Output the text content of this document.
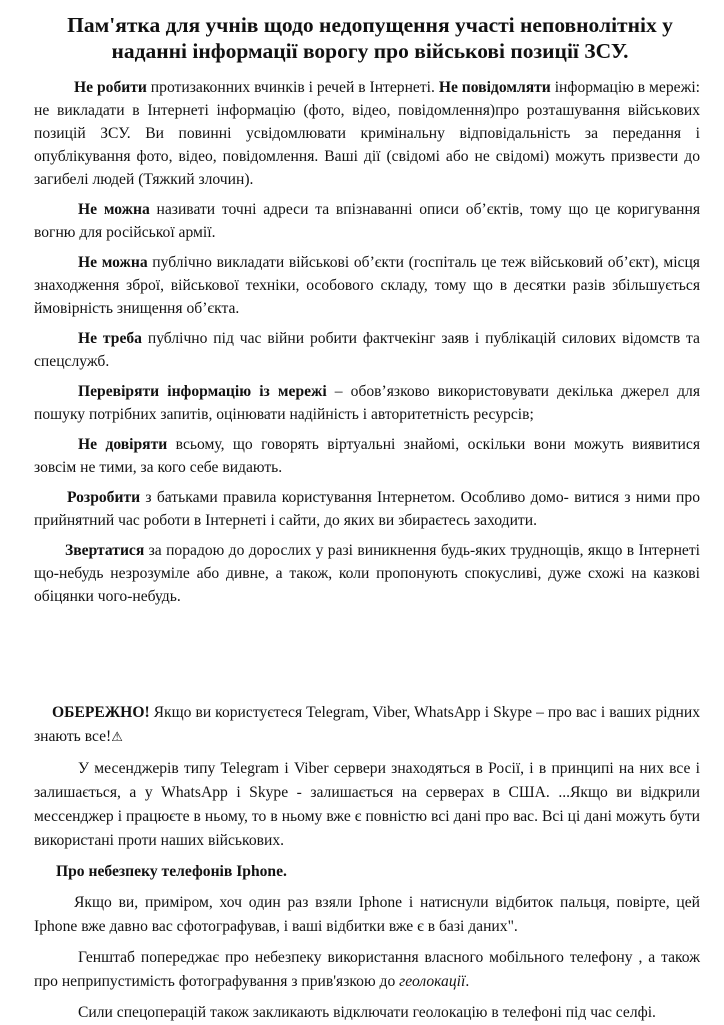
Пам'ятка для учнів щодо недопущення участі неповнолітніх у наданні інформації ворогу про військові позиції ЗСУ.

Не робити протизаконних вчинків і речей в Інтернеті. Не повідомляти інформацію в мережі: не викладати в Інтернеті інформацію (фото, відео, повідомлення)про розташування військових позицій ЗСУ. Ви повинні усвідомлювати кримінальну відповідальність за передання і опублікування фото, відео, повідомлення. Ваші дії (свідомі або не свідомі) можуть призвести до загибелі людей (Тяжкий злочин).

Не можна називати точні адреси та впізнаванні описи об’єктів, тому що це коригування вогню для російської армії.

Не можна публічно викладати військові об’єкти (госпіталь це теж військовий об’єкт), місця знаходження зброї, військової техніки, особового складу, тому що в десятки разів збільшується ймовірність знищення об’єкта.

Не треба публічно під час війни робити фактчекінг заяв і публікацій силових відомств та спецслужб.

Перевіряти інформацію із мережі – обов’язково використовувати декілька джерел для пошуку потрібних запитів, оцінювати надійність і авторитетність ресурсів;

Не довіряти всьому, що говорять віртуальні знайомі, оскільки вони можуть виявитися зовсім не тими, за кого себе видають.

Розробити з батьками правила користування Інтернетом. Особливо домо- витися з ними про прийнятний час роботи в Інтернеті і сайти, до яких ви збираєтесь заходити.

Звертатися за порадою до дорослих у разі виникнення будь-яких труднощів, якщо в Інтернеті що-небудь незрозуміле або дивне, а також, коли пропонують спокусливі, дуже схожі на казкові обіцянки чого-небудь.

ОБЕРЕЖНО! Якщо ви користуєтеся Telegram, Viber, WhatsApp і Skype – про вас і ваших рідних знають все!⚠

У месенджерів типу Telegram і Viber сервери знаходяться в Росії, і в принципі на них все і залишається, а у WhatsApp і Skype - залишається на серверах в США. ...Якщо ви відкрили мессенджер і працюєте в ньому, то в ньому вже є повністю всі дані про вас. Всі ці дані можуть бути використані проти наших військових.

Про небезпеку телефонів Iphone.

Якщо ви, приміром, хоч один раз взяли Iphone і натиснули відбиток пальця, повірте, цей Iphone вже давно вас сфотографував, і ваші відбитки вже є в базі даних".

Генштаб попереджає про небезпеку використання власного мобільного телефону , а також про неприпустимість фотографування з прив'язкою до геолокації.

Сили спецоперацій також закликають відключати геолокацію в телефоні під час селфі.
